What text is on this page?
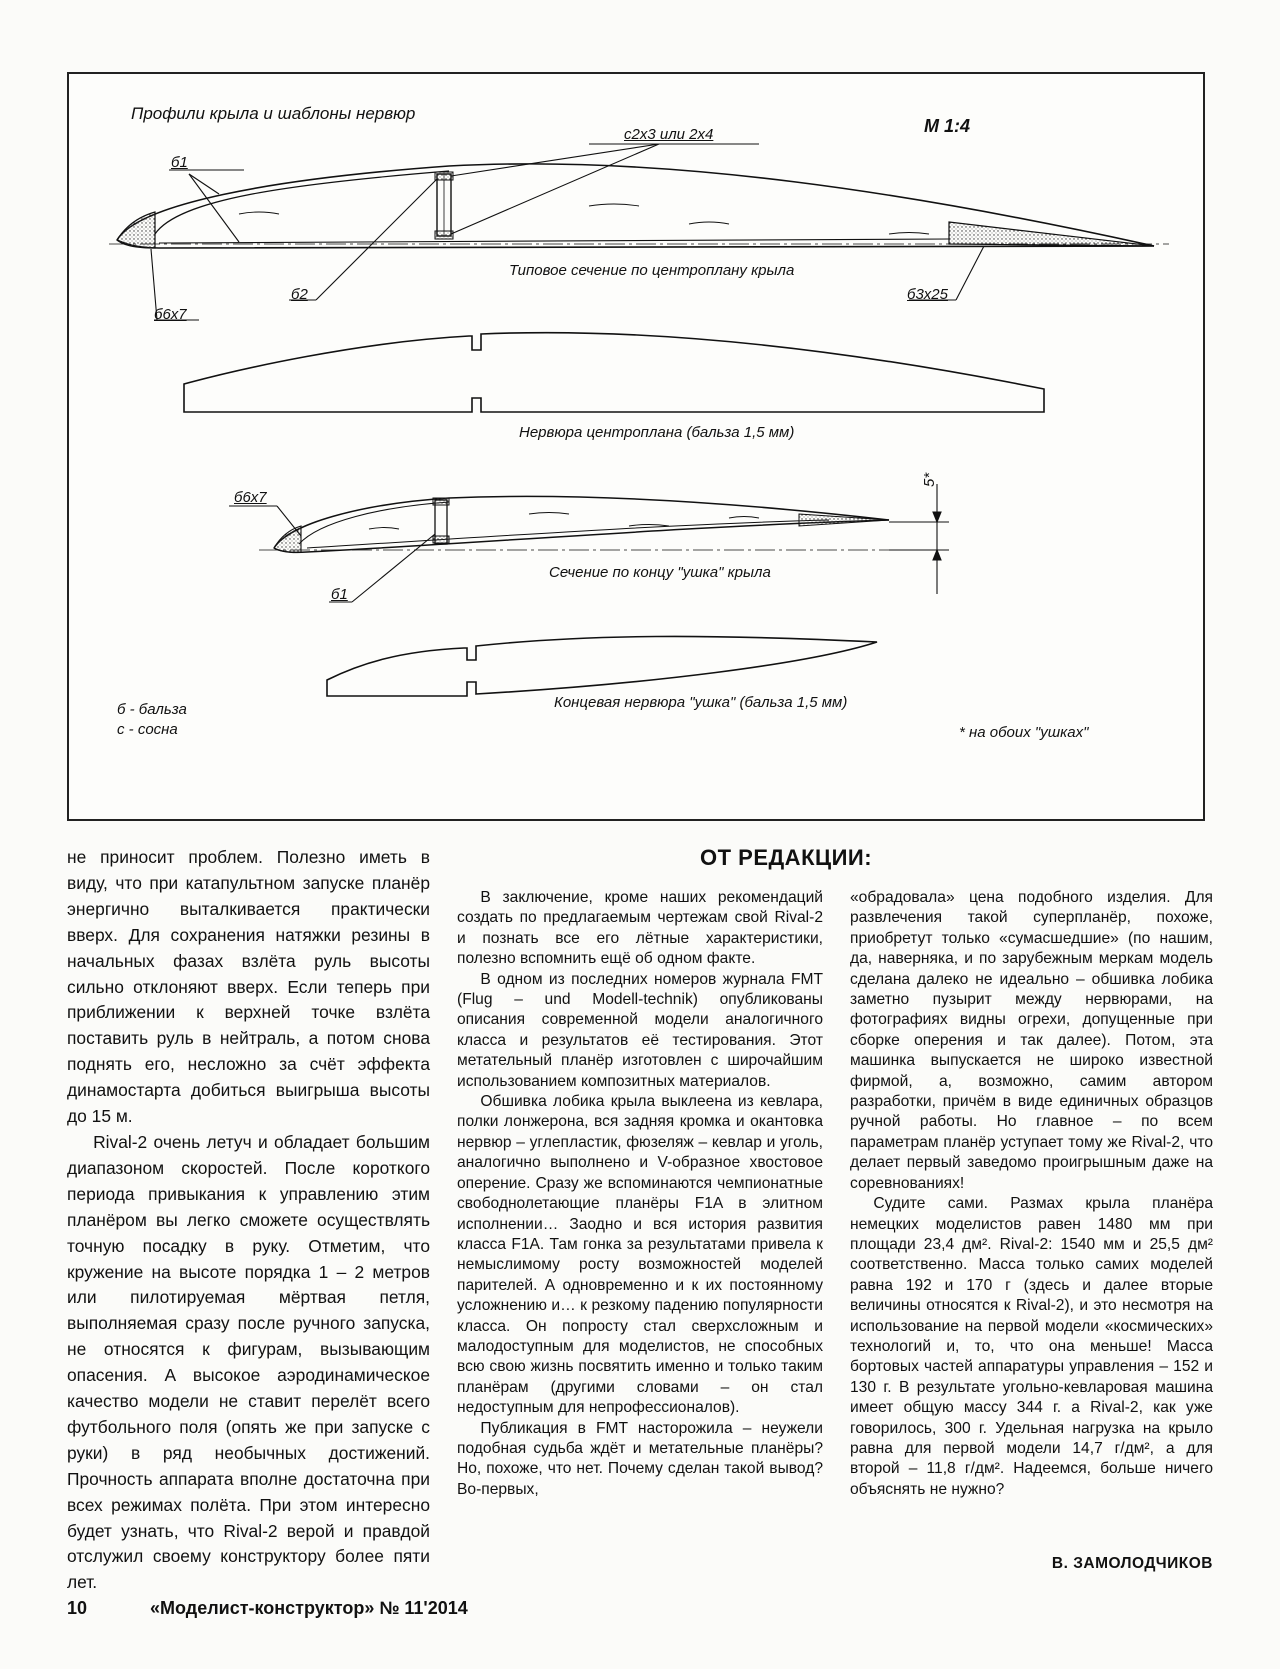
Профили крыла и шаблоны нервюр
М 1:4
с2х3 или 2х4
б1
Типовое сечение по центроплану крыла
б2	б3х25
б6х7
Нервюра центроплана (бальза 1,5 мм)
б6х7
5*
Сечение по концу "ушка" крыла
б1
б - бальза
с - сосна
Концевая нервюра "ушка" (бальза 1,5 мм)
* на обоих "ушках"

не приносит проблем. Полезно иметь в виду, что при катапультном запуске планёр энергично выталкивается практически вверх. Для сохранения натяжки резины в начальных фазах взлёта руль высоты сильно отклоняют вверх. Если теперь при приближении к верхней точке взлёта поставить руль в нейтраль, а потом снова поднять его, несложно за счёт эффекта динамостарта добиться выигрыша высоты до 15 м.

Rival-2 очень летуч и обладает большим диапазоном скоростей. После короткого периода привыкания к управлению этим планёром вы легко сможете осуществлять точную посадку в руку. Отметим, что кружение на высоте порядка 1 – 2 метров или пилотируемая мёртвая петля, выполняемая сразу после ручного запуска, не относятся к фигурам, вызывающим опасения. А высокое аэродинамическое качество модели не ставит перелёт всего футбольного поля (опять же при запуске с руки) в ряд необычных достижений. Прочность аппарата вполне достаточна при всех режимах полёта. При этом интересно будет узнать, что Rival-2 верой и правдой отслужил своему конструктору более пяти лет.

ОТ РЕДАКЦИИ:

В заключение, кроме наших рекомендаций создать по предлагаемым чертежам свой Rival-2 и познать все его лётные характеристики, полезно вспомнить ещё об одном факте.

В одном из последних номеров журнала FMT (Flug – und Modell-technik) опубликованы описания современной модели аналогичного класса и результатов её тестирования. Этот метательный планёр изготовлен с широчайшим использованием композитных материалов.

Обшивка лобика крыла выклеена из кевлара, полки лонжерона, вся задняя кромка и окантовка нервюр – углепластик, фюзеляж – кевлар и уголь, аналогично выполнено и V-образное хвостовое оперение. Сразу же вспоминаются чемпионатные свободнолетающие планёры F1A в элитном исполнении… Заодно и вся история развития класса F1A. Там гонка за результатами привела к немыслимому росту возможностей моделей парителей. А одновременно и к их постоянному усложнению и… к резкому падению популярности класса. Он попросту стал сверхсложным и малодоступным для моделистов, не способных всю свою жизнь посвятить именно и только таким планёрам (другими словами – он стал недоступным для непрофессионалов).

Публикация в FMT насторожила – неужели подобная судьба ждёт и метательные планёры? Но, похоже, что нет. Почему сделан такой вывод? Во-первых,

«обрадовала» цена подобного изделия. Для развлечения такой суперпланёр, похоже, приобретут только «сумасшедшие» (по нашим, да, наверняка, и по зарубежным меркам модель сделана далеко не идеально – обшивка лобика заметно пузырит между нервюрами, на фотографиях видны огрехи, допущенные при сборке оперения и так далее). Потом, эта машинка выпускается не широко известной фирмой, а, возможно, самим автором разработки, причём в виде единичных образцов ручной работы. Но главное – по всем параметрам планёр уступает тому же Rival-2, что делает первый заведомо проигрышным даже на соревнованиях!

Судите сами. Размах крыла планёра немецких моделистов равен 1480 мм при площади 23,4 дм². Rival-2: 1540 мм и 25,5 дм² соответственно. Масса только самих моделей равна 192 и 170 г (здесь и далее вторые величины относятся к Rival-2), и это несмотря на использование на первой модели «космических» технологий и, то, что она меньше! Масса бортовых частей аппаратуры управления – 152 и 130 г. В результате угольно-кевларовая машина имеет общую массу 344 г. а Rival-2, как уже говорилось, 300 г. Удельная нагрузка на крыло равна для первой модели 14,7 г/дм², а для второй – 11,8 г/дм². Надеемся, больше ничего объяснять не нужно?

В. ЗАМОЛОДЧИКОВ
10	«Моделист-конструктор» № 11'2014
